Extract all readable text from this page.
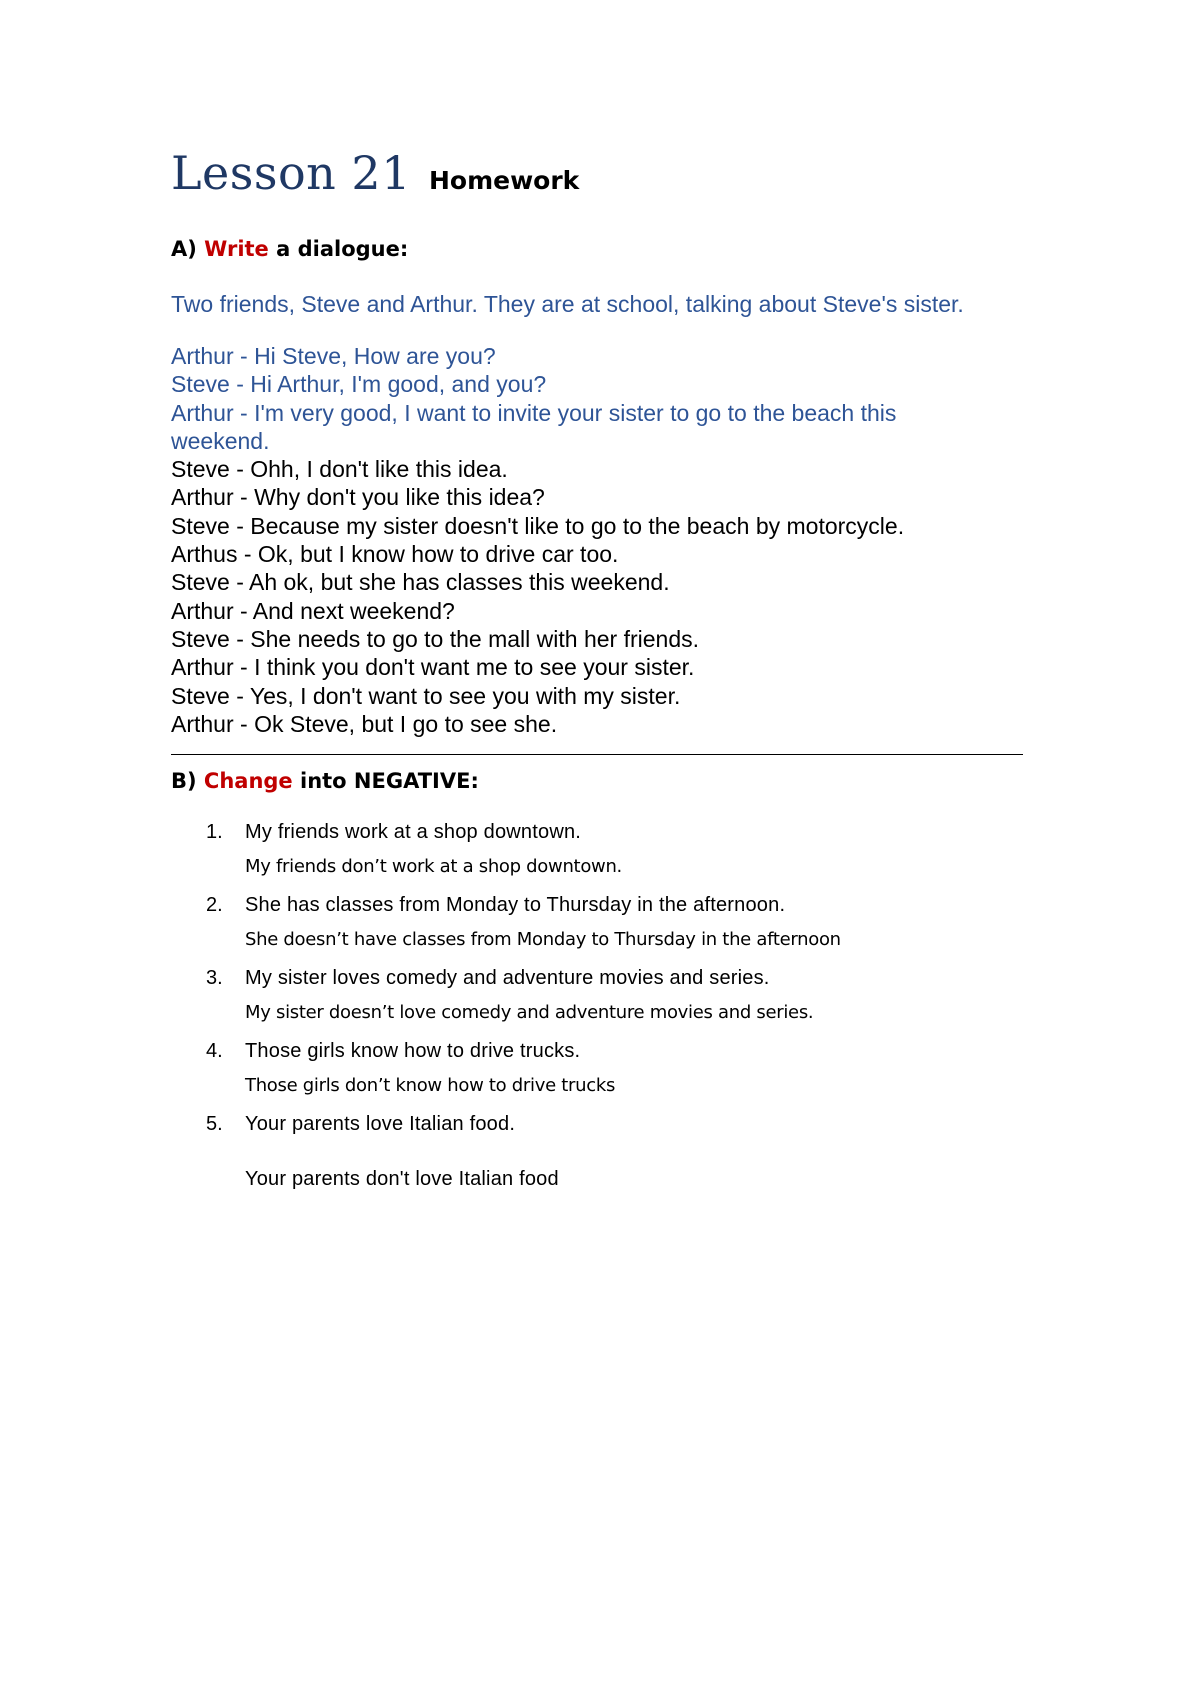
Lesson 21 Homework
A) Write a dialogue:
Two friends, Steve and Arthur. They are at school, talking about Steve's sister.
Arthur - Hi Steve, How are you?
Steve - Hi Arthur, I'm good, and you?
Arthur - I'm very good, I want to invite your sister to go to the beach this
weekend.
Steve - Ohh, I don't like this idea.
Arthur - Why don't you like this idea?
Steve - Because my sister doesn't like to go to the beach by motorcycle.
Arthus - Ok, but I know how to drive car too.
Steve - Ah ok, but she has classes this weekend.
Arthur - And next weekend?
Steve - She needs to go to the mall with her friends.
Arthur - I think you don't want me to see your sister.
Steve - Yes, I don't want to see you with my sister.
Arthur - Ok Steve, but I go to see she.
B) Change into NEGATIVE:
1.	My friends work at a shop downtown.
My friends don’t work at a shop downtown.
2.	She has classes from Monday to Thursday in the afternoon.
She doesn’t have classes from Monday to Thursday in the afternoon
3.	My sister loves comedy and adventure movies and series.
My sister doesn’t love comedy and adventure movies and series.
4.	Those girls know how to drive trucks.
Those girls don’t know how to drive trucks
5.	Your parents love Italian food.
Your parents don't love Italian food
